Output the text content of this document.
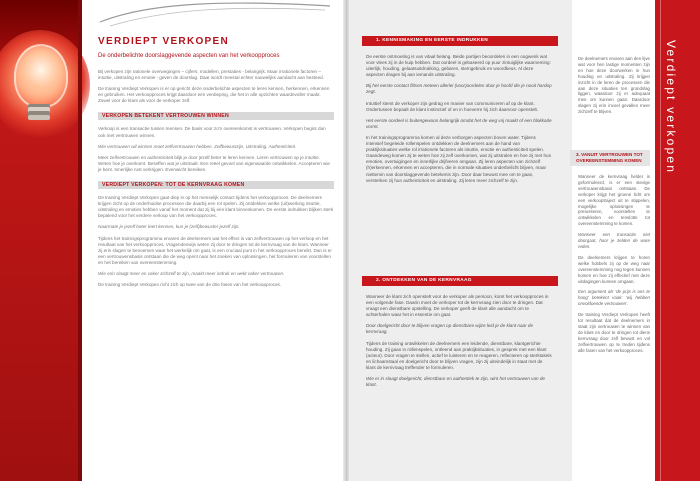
VERDIEPT VERKOPEN
De onderbelichte doorslaggevende aspecten van het verkoopproces

Bij verkopen zijn rationele overwegingen – cijfers, modellen, prestaties - belangrijk. Maar irrationele factoren – intuïtie, uitstraling en emotie - geven de doorslag. Daar wordt meestal echter nauwelijks aandacht aan besteed.

De training Verdiept Verkopen is er op gericht deze onderbelichte aspecten te leren kennen, herkennen, erkennen en gebruiken. Het verkoopproces krijgt daardoor een verdieping, die het in alle opzichten waardevoller maakt. Zowel voor de klant als voor de verkoper zelf.

VERKOPEN BETEKENT VERTROUWEN WINNEN

Verkoop is een transactie tussen mensen. De basis voor zo'n overeenkomst is vertrouwen. Verkopen begint dan ook met vertrouwen winnen.

Wie vertrouwen wil winnen moet zelfvertrouwen hebben. Zelfbewustzijn. Uitstraling. Authenticiteit.

Meer zelfvertrouwen en authenticiteit blijk je door jezelf beter te leren kennen. Leren vertrouwen op je intuïtie. Weten hoe je overkomt. Beseffen wat je uitstraalt. Een reëel gevoel van eigenwaarde ontwikkelen. Accepteren wie je bent. Innerlijke rust verkrijgen. Evenwicht bereiken.

VERDIEPT VERKOPEN: TOT DE KERNVRAAG KOMEN

De training Verdiept Verkopen gaat diep in op het menselijk contact tijdens het verkoopproces. De deelnemers krijgen zicht op de onderhuidse processen die daarbij een rol spelen. Zij ontdekken welke (uit)werking intuïtie, uitstraling en emoties hebben vanaf het moment dat zij bij een klant binnenkomen. De eerste indrukken blijken sterk bepalend voor het verdere verloop van het verkoopproces.

Naarmate je jezelf beter leert kennen, kun je (zelf)bewuster jezelf zijn.

Tijdens het trainingsprogramma ervaren de deelnemers wat het effect is van zelfvertrouwen op het verloop en het resultaat van het verkoopproces. Vragendenwijs weten zij door te dringen tot de kernvraag van de klant. Wanneer zij erin slagen te benoemen waar het werkelijk om gaat, is een cruciaal punt in het verkoopproces bereikt. Dan is er een vertrouwensbasis ontstaan die de weg opent naar het zoeken van oplossingen, het formuleren van voorstellen en het bereiken van overeenstemming.

Wie erin slaagt meer en vaker zichzelf te zijn, maakt meer indruk en wekt vaker vertrouwen.

De training Verdiept Verkopen richt zich op twee van de drie fases van het verkoopproces.

1. KENNISMAKING EN EERSTE INDRUKKEN

De eerste ontmoeting is van vitaal belang. Beide partijen beoordelen in een oogwenk wat voor vlees zij in de kuip hebben. Dat oordeel is gebaseerd op puur zintuiglijke waarneming: uiterlijk, houding, gelaatsuitdrukking, gebaren, stemgebruik en woordkeus. Al deze aspecten dragen bij aan iemands uitstraling.

Bij het eerste contact flitsen meteen allerlei (voor)oordelen door je hoofd die je nooit hardop zegt.

Intuïtief stemt de verkoper zijn gedrag en manier van communiceren af op de klant. Ondertussen bepaalt de klant instinctief of en in hoeverre hij zich daarvoor openstelt.

Het eerste oordeel is buitengewoon belangrijk omdat het de weg vrij maakt of een blokkade vormt.

In het trainingsprogramma komen al deze verborgen aspecten boven water. Tijdens intensief begeleide rollenspelen ontdekken de deelnemers aan de hand van praktijksituaties welke rol irrationele factoren als intuïtie, emotie en authenticiteit spelen. Gaandeweg komen zij te weten hoe zij zelf overkomen, wat zij uitstralen en hoe zij met hun emoties, overtuigingen en innerlijke drijfveren omgaan. Zij leren aspecten van zichzelf (h)erkennen, erkennen en accepteren, die in normale situaties onderbelicht blijven, maar niettemin van doorslaggevende betekenis zijn. Door daar bewust mee om te gaan, versterken zij hun authenticiteit en uitstraling. Zij leren meer zichzelf te zijn.

2. ONTDEKKEN VAN DE KERNVRAAG

Wanneer de klant zich openstelt voor de verkoper als persoon, komt het verkoopproces in een volgende fase. Daarin moet de verkoper tot de kernvraag zien door te dringen. Dat vraagt een dienstbare opstelling. De verkoper geeft de klant alle aandacht om te achterhalen waar het in essentie om gaat.

Door doelgericht door te blijven vragen op dienstbare wijze leid je de klant naar de kernvraag.

Tijdens de training ontwikkelen de deelnemers een leidende, dienstbare, klantgerichte houding. Zij gaan in rollenspelen, ontleend aan praktijksituaties, in gesprek met een klant (acteur). Door vragen te stellen, actief te luisteren en te reageren, reflecteren op sterktakels en lichaamstaal en doelgericht door te blijven vragen, zijn zij uiteindelijk in staat met de klant de kernvraag treffender te formuleren.

Wie er in slaagt doelgericht, dienstbaar en authentiek te zijn, wint het vertrouwen van de klant.

De deelnemers ervaren aan den lijve wat voor hen lastige momenten zijn en hoe deze doorwerken in hun houding en uitstraling. Zij krijgen inzicht in de leren de processen die aan deze situaties ten grondslag liggen, waardoor zij er adequaat mee om kunnen gaan. Daardoor slagen zij erin invoel gevallen meer zichzelf te blijven.

3. VANUIT VERTROUWEN TOT OVEREENSTEMMING KOMEN

Wanneer de kernvraag helder is geformuleerd, is er een stevige vertrouwensbasis ontstaan. De verkoper krijgt het groene licht om een verkooptraject uit te stippelen, mogelijke oplossingen te presenteren, voorstellen te ontwikkelen en tenslotte tot overeenstemming te komen.

Wanneer een transactie niet doorgaat, hoor je zelden de ware reden.

De deelnemers krijgen te horen welke hobbels zij op de weg naar overeenstemming nog tegen kunnen komen en hoe zij effectief met deze uitdagingen kunnen omgaan.

Een argument als 'de prijs is ons te hoog' betekent vaak: 'wij hebben onvoldoende vertrouwen'.

De training Verdiept Verkopen heeft tot resultaat dat de deelnemers in staat zijn vertrouwen te winnen van de klant en door te dringen tot diens kernvraag door zelf bewust en vol zelfvertrouwen op te treden tijdens alle fasen van het verkoopproces.

Verdiept verkopen
